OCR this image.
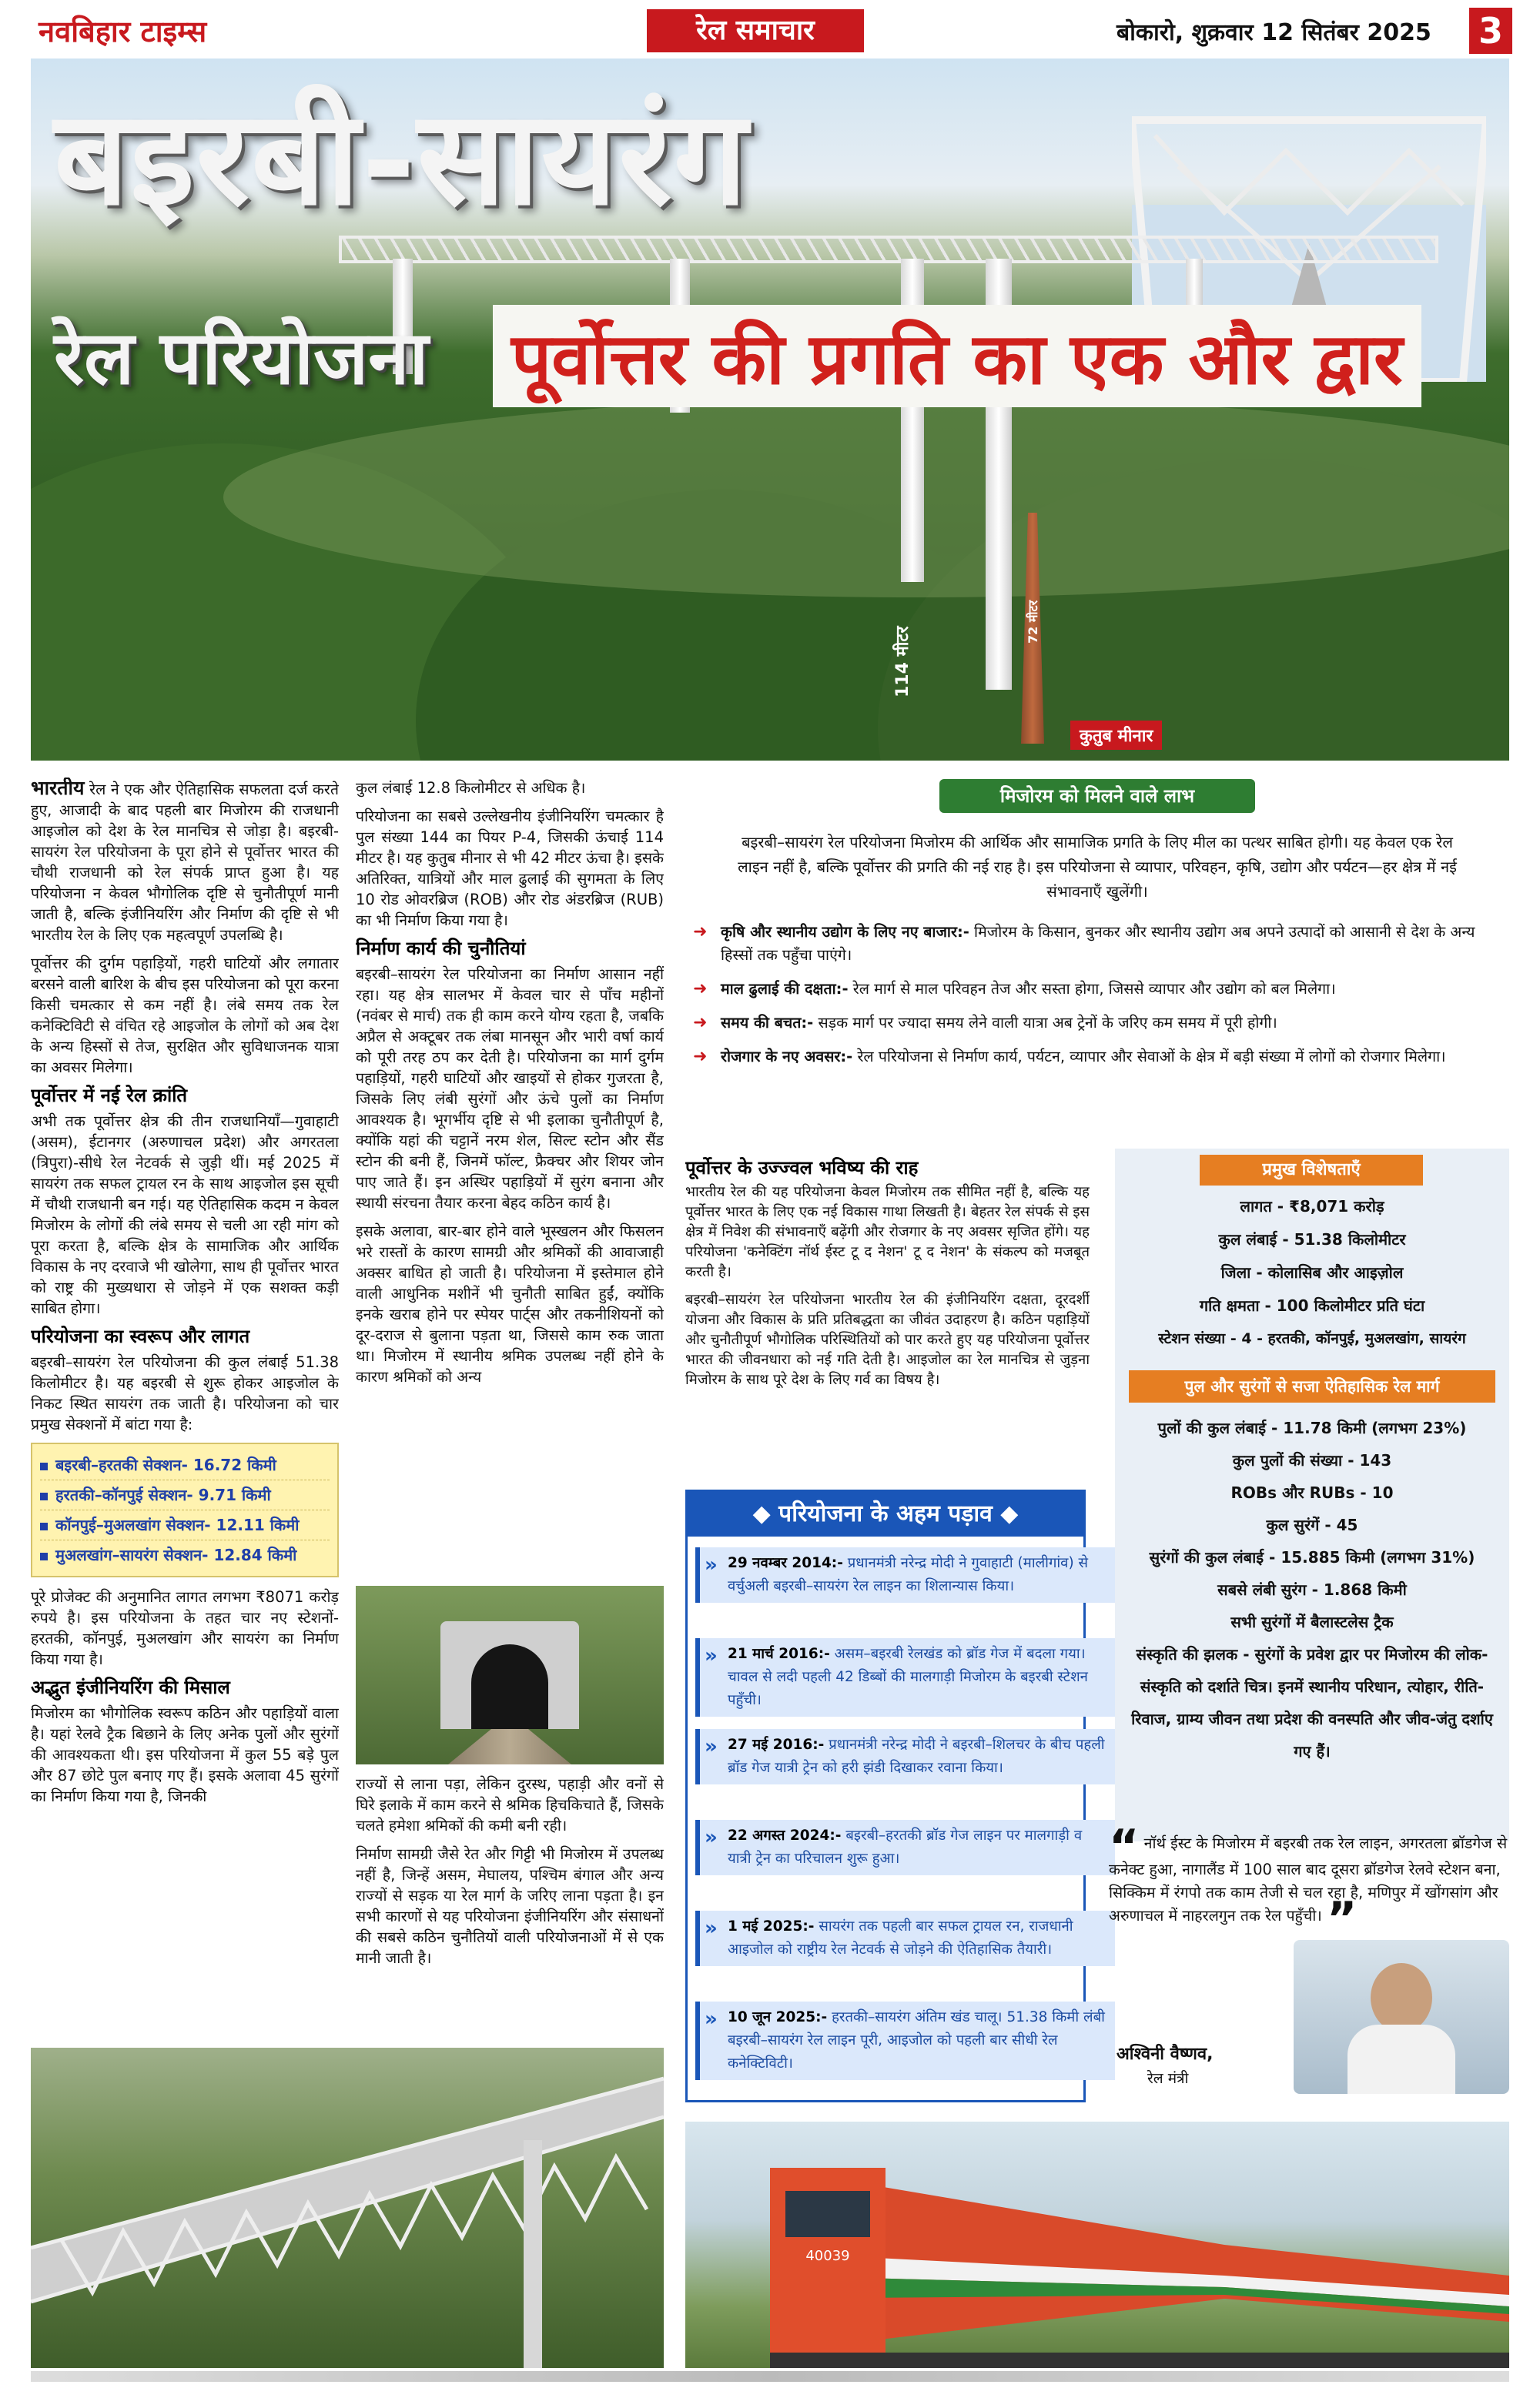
नवबिहार टाइम्स	रेल समाचार	बोकारो, शुक्रवार 12 सितंबर 2025 3
114 मीटर
72 मीटर
कुतुब मीनार
बइरबी-सायरंग
रेल परियोजना पूर्वोत्तर की प्रगति का एक और द्वार

भारतीय रेल ने एक और ऐतिहासिक सफलता दर्ज करते हुए, आजादी के बाद पहली बार मिजोरम की राजधानी आइजोल को देश के रेल मानचित्र से जोड़ा है। बइरबी-सायरंग रेल परियोजना के पूरा होने से पूर्वोत्तर भारत की चौथी राजधानी को रेल संपर्क प्राप्त हुआ है। यह परियोजना न केवल भौगोलिक दृष्टि से चुनौतीपूर्ण मानी जाती है, बल्कि इंजीनियरिंग और निर्माण की दृष्टि से भी भारतीय रेल के लिए एक महत्वपूर्ण उपलब्धि है।

पूर्वोत्तर की दुर्गम पहाड़ियों, गहरी घाटियों और लगातार बरसने वाली बारिश के बीच इस परियोजना को पूरा करना किसी चमत्कार से कम नहीं है। लंबे समय तक रेल कनेक्टिविटी से वंचित रहे आइजोल के लोगों को अब देश के अन्य हिस्सों से तेज, सुरक्षित और सुविधाजनक यात्रा का अवसर मिलेगा।

पूर्वोत्तर में नई रेल क्रांति

अभी तक पूर्वोत्तर क्षेत्र की तीन राजधानियाँ—गुवाहाटी (असम), ईटानगर (अरुणाचल प्रदेश) और अगरतला (त्रिपुरा)-सीधे रेल नेटवर्क से जुड़ी थीं। मई 2025 में सायरंग तक सफल ट्रायल रन के साथ आइजोल इस सूची में चौथी राजधानी बन गई। यह ऐतिहासिक कदम न केवल मिजोरम के लोगों की लंबे समय से चली आ रही मांग को पूरा करता है, बल्कि क्षेत्र के सामाजिक और आर्थिक विकास के नए दरवाजे भी खोलेगा, साथ ही पूर्वोत्तर भारत को राष्ट्र की मुख्यधारा से जोड़ने में एक सशक्त कड़ी साबित होगा।

परियोजना का स्वरूप और लागत

बइरबी–सायरंग रेल परियोजना की कुल लंबाई 51.38 किलोमीटर है। यह बइरबी से शुरू होकर आइजोल के निकट स्थित सायरंग तक जाती है। परियोजना को चार प्रमुख सेक्शनों में बांटा गया है:

बइरबी–हरतकी सेक्शन- 16.72 किमी
हरतकी–कॉनपुई सेक्शन- 9.71 किमी
कॉनपुई–मुअलखांग सेक्शन- 12.11 किमी
मुअलखांग–सायरंग सेक्शन- 12.84 किमी

पूरे प्रोजेक्ट की अनुमानित लागत लगभग ₹8071 करोड़ रुपये है। इस परियोजना के तहत चार नए स्टेशनों- हरतकी, कॉनपुई, मुअलखांग और सायरंग का निर्माण किया गया है।

अद्भुत इंजीनियरिंग की मिसाल

मिजोरम का भौगोलिक स्वरूप कठिन और पहाड़ियों वाला है। यहां रेलवे ट्रैक बिछाने के लिए अनेक पुलों और सुरंगों की आवश्यकता थी। इस परियोजना में कुल 55 बड़े पुल और 87 छोटे पुल बनाए गए हैं। इसके अलावा 45 सुरंगों का निर्माण किया गया है, जिनकी

कुल लंबाई 12.8 किलोमीटर से अधिक है।

परियोजना का सबसे उल्लेखनीय इंजीनियरिंग चमत्कार है पुल संख्या 144 का पियर P-4, जिसकी ऊंचाई 114 मीटर है। यह कुतुब मीनार से भी 42 मीटर ऊंचा है। इसके अतिरिक्त, यात्रियों और माल ढुलाई की सुगमता के लिए 10 रोड ओवरब्रिज (ROB) और रोड अंडरब्रिज (RUB) का भी निर्माण किया गया है।

निर्माण कार्य की चुनौतियां

बइरबी–सायरंग रेल परियोजना का निर्माण आसान नहीं रहा। यह क्षेत्र सालभर में केवल चार से पाँच महीनों (नवंबर से मार्च) तक ही काम करने योग्य रहता है, जबकि अप्रैल से अक्टूबर तक लंबा मानसून और भारी वर्षा कार्य को पूरी तरह ठप कर देती है। परियोजना का मार्ग दुर्गम पहाड़ियों, गहरी घाटियों और खाइयों से होकर गुजरता है, जिसके लिए लंबी सुरंगों और ऊंचे पुलों का निर्माण आवश्यक है। भूगर्भीय दृष्टि से भी इलाका चुनौतीपूर्ण है, क्योंकि यहां की चट्टानें नरम शेल, सिल्ट स्टोन और सैंड स्टोन की बनी हैं, जिनमें फॉल्ट, फ्रैक्चर और शियर जोन पाए जाते हैं। इन अस्थिर पहाड़ियों में सुरंग बनाना और स्थायी संरचना तैयार करना बेहद कठिन कार्य है।

इसके अलावा, बार-बार होने वाले भूस्खलन और फिसलन भरे रास्तों के कारण सामग्री और श्रमिकों की आवाजाही अक्सर बाधित हो जाती है। परियोजना में इस्तेमाल होने वाली आधुनिक मशीनें भी चुनौती साबित हुईं, क्योंकि इनके खराब होने पर स्पेयर पार्ट्स और तकनीशियनों को दूर-दराज से बुलाना पड़ता था, जिससे काम रुक जाता था। मिजोरम में स्थानीय श्रमिक उपलब्ध नहीं होने के कारण श्रमिकों को अन्य

राज्यों से लाना पड़ा, लेकिन दुरस्थ, पहाड़ी और वनों से घिरे इलाके में काम करने से श्रमिक हिचकिचाते हैं, जिसके चलते हमेशा श्रमिकों की कमी बनी रही।

निर्माण सामग्री जैसे रेत और गिट्टी भी मिजोरम में उपलब्ध नहीं है, जिन्हें असम, मेघालय, पश्चिम बंगाल और अन्य राज्यों से सड़क या रेल मार्ग के जरिए लाना पड़ता है। इन सभी कारणों से यह परियोजना इंजीनियरिंग और संसाधनों की सबसे कठिन चुनौतियों वाली परियोजनाओं में से एक मानी जाती है।

मिजोरम को मिलने वाले लाभ
बइरबी–सायरंग रेल परियोजना मिजोरम की आर्थिक और सामाजिक प्रगति के लिए मील का पत्थर साबित होगी। यह केवल एक रेल लाइन नहीं है, बल्कि पूर्वोत्तर की प्रगति की नई राह है। इस परियोजना से व्यापार, परिवहन, कृषि, उद्योग और पर्यटन—हर क्षेत्र में नई संभावनाएँ खुलेंगी।
➜ कृषि और स्थानीय उद्योग के लिए नए बाजार:- मिजोरम के किसान, बुनकर और स्थानीय उद्योग अब अपने उत्पादों को आसानी से देश के अन्य हिस्सों तक पहुँचा पाएंगे।
➜ माल ढुलाई की दक्षता:- रेल मार्ग से माल परिवहन तेज और सस्ता होगा, जिससे व्यापार और उद्योग को बल मिलेगा।
➜ समय की बचत:- सड़क मार्ग पर ज्यादा समय लेने वाली यात्रा अब ट्रेनों के जरिए कम समय में पूरी होगी।
➜ रोजगार के नए अवसर:- रेल परियोजना से निर्माण कार्य, पर्यटन, व्यापार और सेवाओं के क्षेत्र में बड़ी संख्या में लोगों को रोजगार मिलेगा।
पूर्वोत्तर के उज्ज्वल भविष्य की राह

भारतीय रेल की यह परियोजना केवल मिजोरम तक सीमित नहीं है, बल्कि यह पूर्वोत्तर भारत के लिए एक नई विकास गाथा लिखती है। बेहतर रेल संपर्क से इस क्षेत्र में निवेश की संभावनाएँ बढ़ेंगी और रोजगार के नए अवसर सृजित होंगे। यह परियोजना 'कनेक्टिंग नॉर्थ ईस्ट टू द नेशन' टू द नेशन' के संकल्प को मजबूत करती है।

बइरबी–सायरंग रेल परियोजना भारतीय रेल की इंजीनियरिंग दक्षता, दूरदर्शी योजना और विकास के प्रति प्रतिबद्धता का जीवंत उदाहरण है। कठिन पहाड़ियों और चुनौतीपूर्ण भौगोलिक परिस्थितियों को पार करते हुए यह परियोजना पूर्वोत्तर भारत की जीवनधारा को नई गति देती है। आइजोल का रेल मानचित्र से जुड़ना मिजोरम के साथ पूरे देश के लिए गर्व का विषय है।

◆ परियोजना के अहम पड़ाव ◆
» 29 नवम्बर 2014:- प्रधानमंत्री नरेन्द्र मोदी ने गुवाहाटी (मालीगांव) से वर्चुअली बइरबी–सायरंग रेल लाइन का शिलान्यास किया।
» 21 मार्च 2016:- असम–बइरबी रेलखंड को ब्रॉड गेज में बदला गया। चावल से लदी पहली 42 डिब्बों की मालगाड़ी मिजोरम के बइरबी स्टेशन पहुँची।
» 27 मई 2016:- प्रधानमंत्री नरेन्द्र मोदी ने बइरबी–शिलचर के बीच पहली ब्रॉड गेज यात्री ट्रेन को हरी झंडी दिखाकर रवाना किया।
» 22 अगस्त 2024:- बइरबी–हरतकी ब्रॉड गेज लाइन पर मालगाड़ी व यात्री ट्रेन का परिचालन शुरू हुआ।
» 1 मई 2025:- सायरंग तक पहली बार सफल ट्रायल रन, राजधानी आइजोल को राष्ट्रीय रेल नेटवर्क से जोड़ने की ऐतिहासिक तैयारी।
» 10 जून 2025:- हरतकी–सायरंग अंतिम खंड चालू। 51.38 किमी लंबी बइरबी–सायरंग रेल लाइन पूरी, आइजोल को पहली बार सीधी रेल कनेक्टिविटी।
प्रमुख विशेषताएँ
लागत - ₹8,071 करोड़
कुल लंबाई - 51.38 किलोमीटर
जिला - कोलासिब और आइज़ोल
गति क्षमता - 100 किलोमीटर प्रति घंटा
स्टेशन संख्या - 4 - हरतकी, कॉनपुई, मुअलखांग, सायरंग
पुल और सुरंगों से सजा ऐतिहासिक रेल मार्ग
पुलों की कुल लंबाई - 11.78 किमी (लगभग 23%)
कुल पुलों की संख्या - 143
ROBs और RUBs - 10
कुल सुरंगें - 45
सुरंगों की कुल लंबाई - 15.885 किमी (लगभग 31%)
सबसे लंबी सुरंग - 1.868 किमी
सभी सुरंगों में बैलास्टलेस ट्रैक
संस्कृति की झलक - सुरंगों के प्रवेश द्वार पर मिजोरम की लोक-संस्कृति को दर्शाते चित्र। इनमें स्थानीय परिधान, त्योहार, रीति-रिवाज, ग्राम्य जीवन तथा प्रदेश की वनस्पति और जीव-जंतु दर्शाए गए हैं।
“ नॉर्थ ईस्ट के मिजोरम में बइरबी तक रेल लाइन, अगरतला ब्रॉडगेज से कनेक्ट हुआ, नागालैंड में 100 साल बाद दूसरा ब्रॉडगेज रेलवे स्टेशन बना, सिक्किम में रंगपो तक काम तेजी से चल रहा है, मणिपुर में खोंगसांग और अरुणाचल में नाहरलगुन तक रेल पहुँची। ”
अश्विनी वैष्णव,
रेल मंत्री
40039
